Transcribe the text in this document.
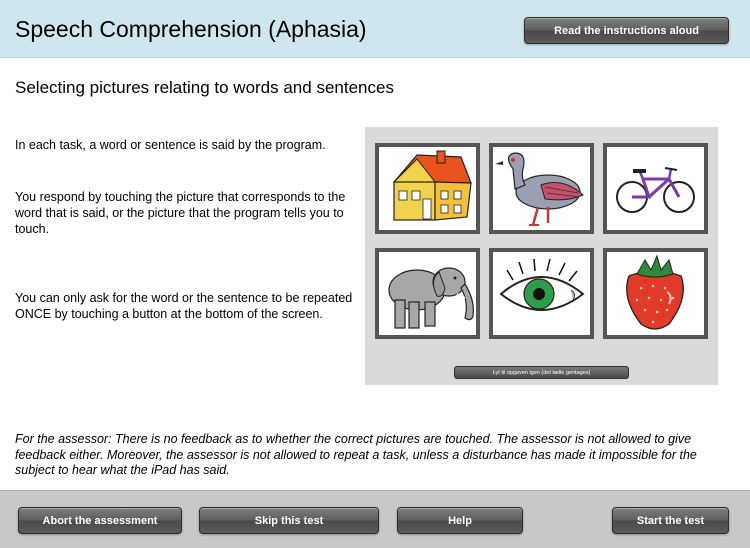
Speech Comprehension (Aphasia)	Read the instructions aloud
Selecting pictures relating to words and sentences
In each task, a word or sentence is said by the program.
You respond by touching the picture that corresponds to the word that is said, or the picture that the program tells you to touch.
You can only ask for the word or the sentence to be repeated ONCE by touching a button at the bottom of the screen.
Lyt til opgaven igen (det tælle gentages)
For the assessor: There is no feedback as to whether the correct pictures are touched. The assessor is not allowed to give feedback either. Moreover, the assessor is not allowed to repeat a task, unless a disturbance has made it impossible for the subject to hear what the iPad has said.
Abort the assessment	Skip this test	Help	Start the test
